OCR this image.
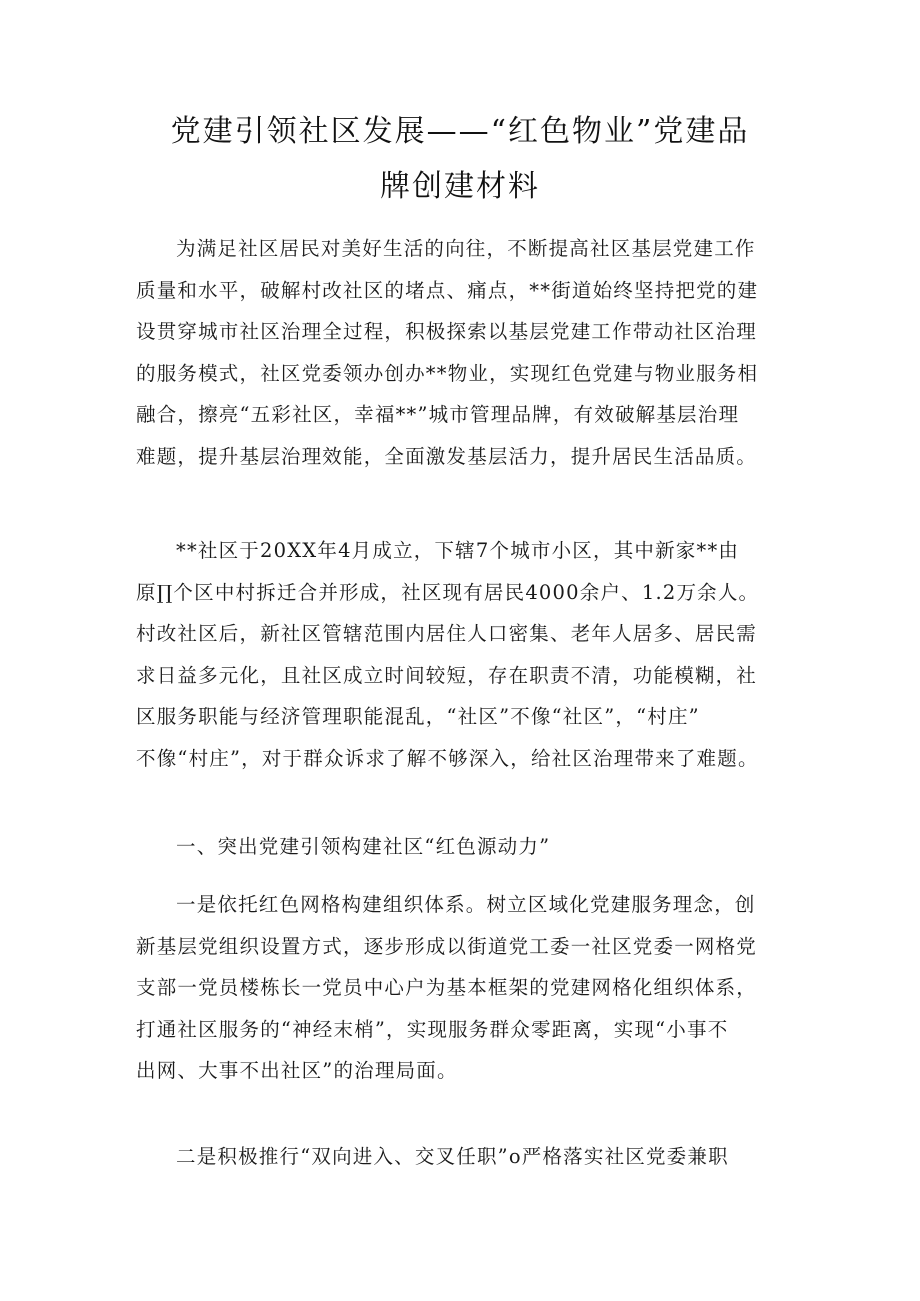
党建引领社区发展——“红色物业”党建品
牌创建材料
为满足社区居民对美好生活的向往，不断提高社区基层党建工作
质量和水平，破解村改社区的堵点、痛点，**街道始终坚持把党的建
设贯穿城市社区治理全过程，积极探索以基层党建工作带动社区治理
的服务模式，社区党委领办创办**物业，实现红色党建与物业服务相
融合，擦亮“五彩社区，幸福**”城市管理品牌，有效破解基层治理
难题，提升基层治理效能，全面激发基层活力，提升居民生活品质。
**社区于20XX年4月成立，下辖7个城市小区，其中新家**由
原∏个区中村拆迁合并形成，社区现有居民4000余户、1.2万余人。
村改社区后，新社区管辖范围内居住人口密集、老年人居多、居民需
求日益多元化，且社区成立时间较短，存在职责不清，功能模糊，社
区服务职能与经济管理职能混乱，“社区”不像“社区”，“村庄”
不像“村庄”，对于群众诉求了解不够深入，给社区治理带来了难题。
一、突出党建引领构建社区“红色源动力”
一是依托红色网格构建组织体系。树立区域化党建服务理念，创
新基层党组织设置方式，逐步形成以街道党工委一社区党委一网格党
支部一党员楼栋长一党员中心户为基本框架的党建网格化组织体系，
打通社区服务的“神经末梢”，实现服务群众零距离，实现“小事不
出网、大事不出社区”的治理局面。
二是积极推行“双向进入、交叉任职”o严格落实社区党委兼职
